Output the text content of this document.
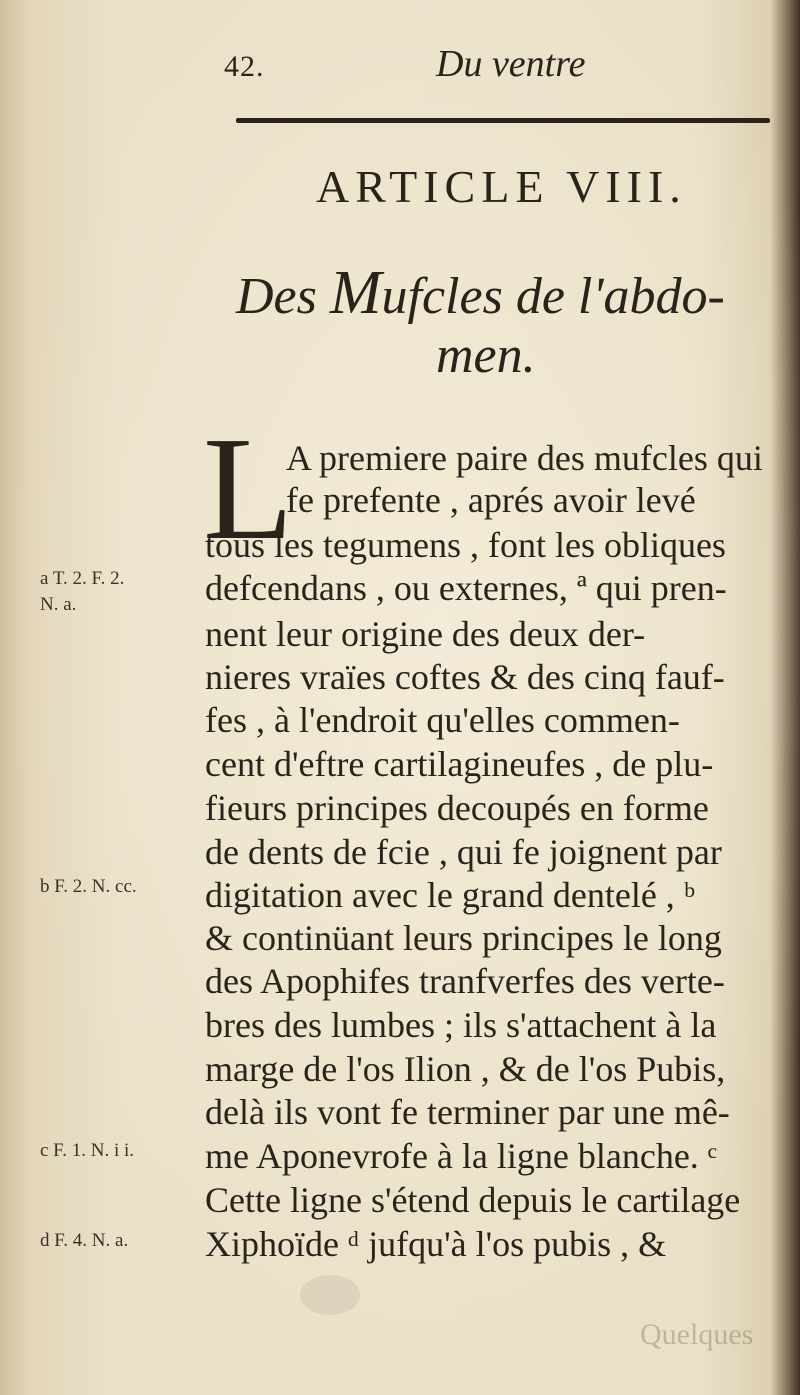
42.	Du ventre
ARTICLE VIII.
Des Mufcles de l'abdo-
men.
L
A premiere paire des mufcles qui
fe prefente , aprés avoir levé
tous les tegumens , font les obliques
defcendans , ou externes, ª qui pren-
nent leur origine des deux der-
nieres vraïes coftes & des cinq fauf-
fes , à l'endroit qu'elles commen-
cent d'eftre cartilagineufes , de plu-
fieurs principes decoupés en forme
de dents de fcie , qui fe joignent par
digitation avec le grand dentelé , ᵇ
& continüant leurs principes le long
des Apophifes tranfverfes des verte-
bres des lumbes ; ils s'attachent à la
marge de l'os Ilion , & de l'os Pubis,
delà ils vont fe terminer par une mê-
me Aponevrofe à la ligne blanche. ᶜ
Cette ligne s'étend depuis le cartilage
Xiphoïde ᵈ jufqu'à l'os pubis , &
a T. 2. F. 2.
N. a.
b F. 2. N. cc.
c F. 1. N. i i.
d F. 4. N. a.
Quelques
